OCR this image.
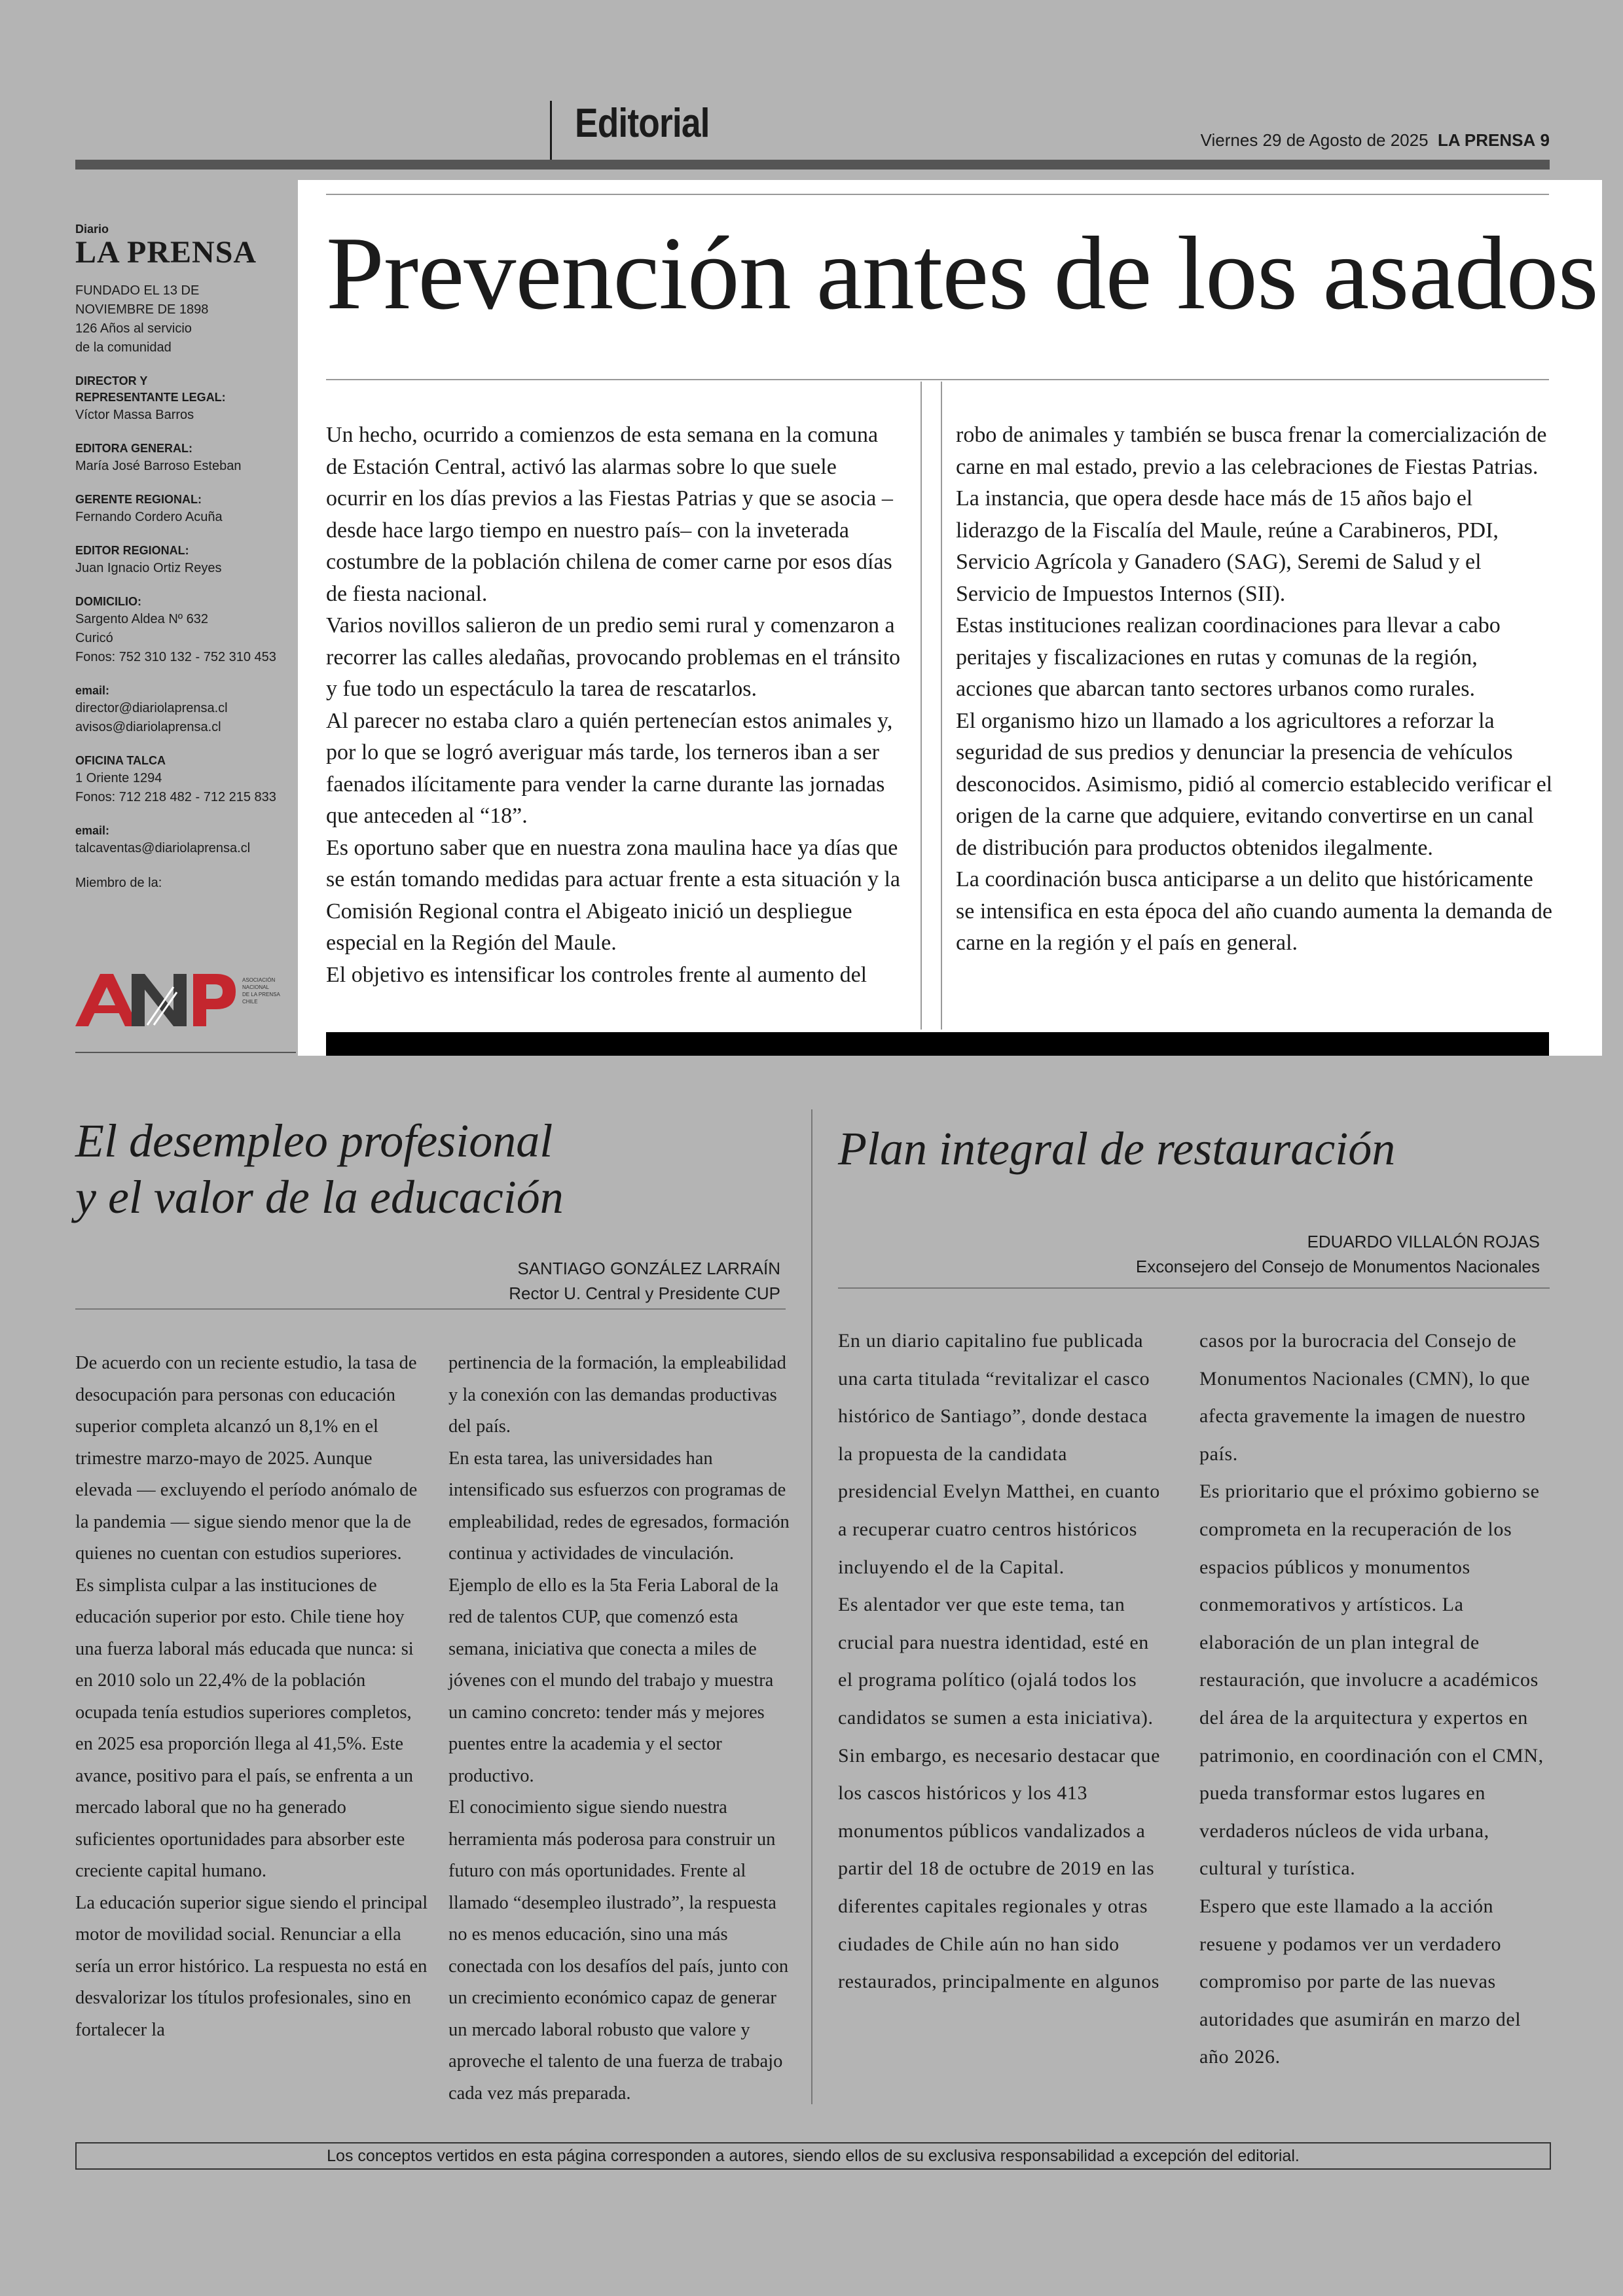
Editorial	Viernes 29 de Agosto de 2025 LA PRENSA 9
Diario
LA PRENSA
FUNDADO EL 13 DE
NOVIEMBRE DE 1898
126 Años al servicio
de la comunidad
DIRECTOR Y
REPRESENTANTE LEGAL:
Víctor Massa Barros
EDITORA GENERAL:
María José Barroso Esteban
GERENTE REGIONAL:
Fernando Cordero Acuña
EDITOR REGIONAL:
Juan Ignacio Ortiz Reyes
DOMICILIO:
Sargento Aldea Nº 632
Curicó
Fonos: 752 310 132 - 752 310 453
email:
director@diariolaprensa.cl
avisos@diariolaprensa.cl
OFICINA TALCA
1 Oriente 1294
Fonos: 712 218 482 - 712 215 833
email:
talcaventas@diariolaprensa.cl
Miembro de la:
ASOCIACIÓN
NACIONAL
DE LA PRENSA
CHILE
Prevención antes de los asados

Un hecho, ocurrido a comienzos de esta semana en la comuna de Estación Central, activó las alarmas sobre lo que suele ocurrir en los días previos a las Fiestas Patrias y que se asocia – desde hace largo tiempo en nuestro país– con la inveterada costumbre de la población chilena de comer carne por esos días de fiesta nacional.

Varios novillos salieron de un predio semi rural y comenzaron a recorrer las calles aledañas, provocando problemas en el tránsito y fue todo un espectáculo la tarea de rescatarlos.

Al parecer no estaba claro a quién pertenecían estos animales y, por lo que se logró averiguar más tarde, los terneros iban a ser faenados ilícitamente para vender la carne durante las jornadas que anteceden al “18”.

Es oportuno saber que en nuestra zona maulina hace ya días que se están tomando medidas para actuar frente a esta situación y la Comisión Regional contra el Abigeato inició un despliegue especial en la Región del Maule.

El objetivo es intensificar los controles frente al aumento del

robo de animales y también se busca frenar la comercialización de carne en mal estado, previo a las celebraciones de Fiestas Patrias.

La instancia, que opera desde hace más de 15 años bajo el liderazgo de la Fiscalía del Maule, reúne a Carabineros, PDI, Servicio Agrícola y Ganadero (SAG), Seremi de Salud y el Servicio de Impuestos Internos (SII).

Estas instituciones realizan coordinaciones para llevar a cabo peritajes y fiscalizaciones en rutas y comunas de la región, acciones que abarcan tanto sectores urbanos como rurales.

El organismo hizo un llamado a los agricultores a reforzar la seguridad de sus predios y denunciar la presencia de vehículos desconocidos. Asimismo, pidió al comercio establecido verificar el origen de la carne que adquiere, evitando convertirse en un canal de distribución para productos obtenidos ilegalmente.

La coordinación busca anticiparse a un delito que históricamente se intensifica en esta época del año cuando aumenta la demanda de carne en la región y el país en general.

El desempleo profesional
y el valor de la educación
SANTIAGO GONZÁLEZ LARRAÍN
Rector U. Central y Presidente CUP

De acuerdo con un reciente estudio, la tasa de desocupación para personas con educación superior completa alcanzó un 8,1% en el trimestre marzo-mayo de 2025. Aunque elevada — excluyendo el período anómalo de la pandemia — sigue siendo menor que la de quienes no cuentan con estudios superiores.

Es simplista culpar a las instituciones de educación superior por esto. Chile tiene hoy una fuerza laboral más educada que nunca: si en 2010 solo un 22,4% de la población ocupada tenía estudios superiores completos, en 2025 esa proporción llega al 41,5%. Este avance, positivo para el país, se enfrenta a un mercado laboral que no ha generado suficientes oportunidades para absorber este creciente capital humano.

La educación superior sigue siendo el principal motor de movilidad social. Renunciar a ella sería un error histórico. La respuesta no está en desvalorizar los títulos profesionales, sino en fortalecer la

pertinencia de la formación, la empleabilidad y la conexión con las demandas productivas del país.

En esta tarea, las universidades han intensificado sus esfuerzos con programas de empleabilidad, redes de egresados, formación continua y actividades de vinculación. Ejemplo de ello es la 5ta Feria Laboral de la red de talentos CUP, que comenzó esta semana, iniciativa que conecta a miles de jóvenes con el mundo del trabajo y muestra un camino concreto: tender más y mejores puentes entre la academia y el sector productivo.

El conocimiento sigue siendo nuestra herramienta más poderosa para construir un futuro con más oportunidades. Frente al llamado “desempleo ilustrado”, la respuesta no es menos educación, sino una más conectada con los desafíos del país, junto con un crecimiento económico capaz de generar un mercado laboral robusto que valore y aproveche el talento de una fuerza de trabajo cada vez más preparada.

Plan integral de restauración
EDUARDO VILLALÓN ROJAS
Exconsejero del Consejo de Monumentos Nacionales

En un diario capitalino fue publicada una carta titulada “revitalizar el casco histórico de Santiago”, donde destaca la propuesta de la candidata presidencial Evelyn Matthei, en cuanto a recuperar cuatro centros históricos incluyendo el de la Capital.

Es alentador ver que este tema, tan crucial para nuestra identidad, esté en el programa político (ojalá todos los candidatos se sumen a esta iniciativa). Sin embargo, es necesario destacar que los cascos históricos y los 413 monumentos públicos vandalizados a partir del 18 de octubre de 2019 en las diferentes capitales regionales y otras ciudades de Chile aún no han sido restaurados, principalmente en algunos

casos por la burocracia del Consejo de Monumentos Nacionales (CMN), lo que afecta gravemente la imagen de nuestro país.

Es prioritario que el próximo gobierno se comprometa en la recuperación de los espacios públicos y monumentos conmemorativos y artísticos. La elaboración de un plan integral de restauración, que involucre a académicos del área de la arquitectura y expertos en patrimonio, en coordinación con el CMN, pueda transformar estos lugares en verdaderos núcleos de vida urbana, cultural y turística.

Espero que este llamado a la acción resuene y podamos ver un verdadero compromiso por parte de las nuevas autoridades que asumirán en marzo del año 2026.

Los conceptos vertidos en esta página corresponden a autores, siendo ellos de su exclusiva responsabilidad a excepción del editorial.
